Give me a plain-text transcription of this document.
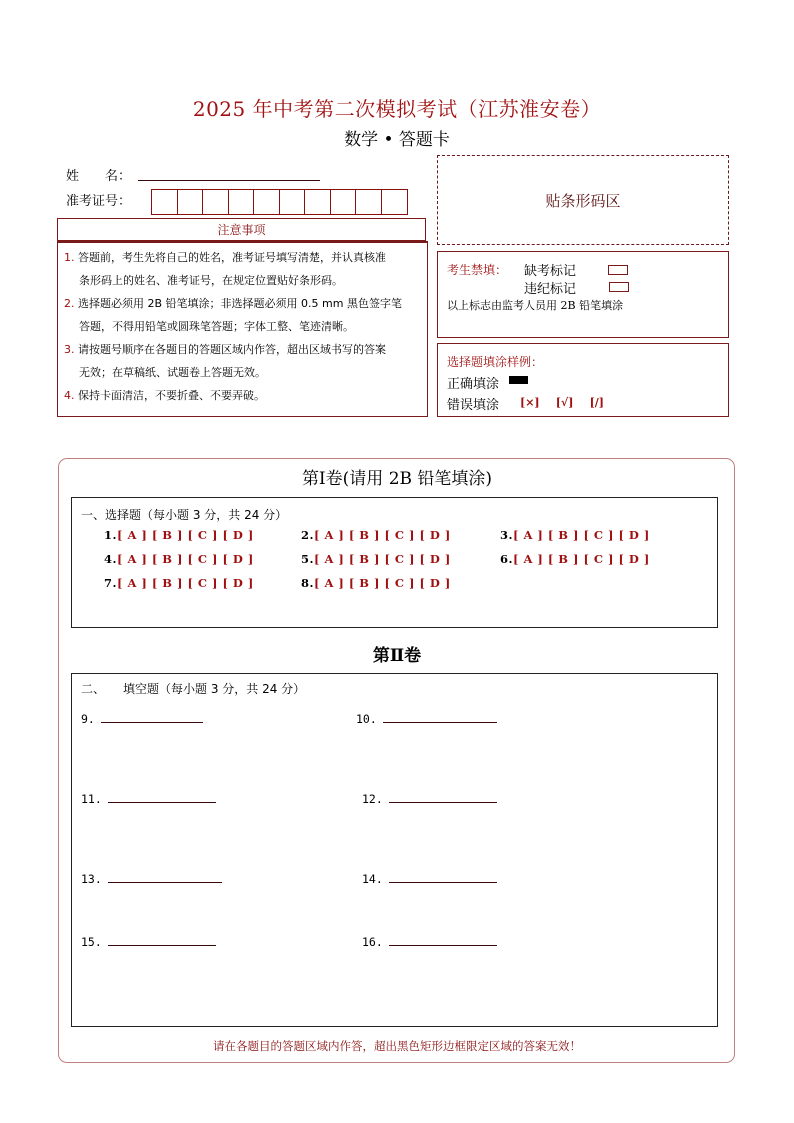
2025 年中考第二次模拟考试（江苏淮安卷）
数学 • 答题卡
姓　　名：
准考证号：
注意事项
1. 答题前，考生先将自己的姓名，准考证号填写清楚，并认真核准
条形码上的姓名、准考证号，在规定位置贴好条形码。
2. 选择题必须用 2B 铅笔填涂；非选择题必须用 0.5 mm 黑色签字笔
答题，不得用铅笔或圆珠笔答题；字体工整、笔迹清晰。
3. 请按题号顺序在各题目的答题区域内作答，超出区域书写的答案
无效；在草稿纸、试题卷上答题无效。
4. 保持卡面清洁，不要折叠、不要弄破。
贴条形码区
考生禁填： 缺考标记
违纪标记
以上标志由监考人员用 2B 铅笔填涂
选择题填涂样例：
正确填涂
错误填涂	[×] [√] [/]
第Ⅰ卷(请用 2B 铅笔填涂)
一、选择题（每小题 3 分，共 24 分）
1.[ A ] [ B ] [ C ] [ D ]	2.[ A ] [ B ] [ C ] [ D ]	3.[ A ] [ B ] [ C ] [ D ]
4.[ A ] [ B ] [ C ] [ D ]	5.[ A ] [ B ] [ C ] [ D ]	6.[ A ] [ B ] [ C ] [ D ]
7.[ A ] [ B ] [ C ] [ D ]	8.[ A ] [ B ] [ C ] [ D ]
第Ⅱ卷
二、　　填空题（每小题 3 分，共 24 分）
9.	10.
11.	12.
13.	14.
15.	16.
请在各题目的答题区域内作答，超出黑色矩形边框限定区域的答案无效！
